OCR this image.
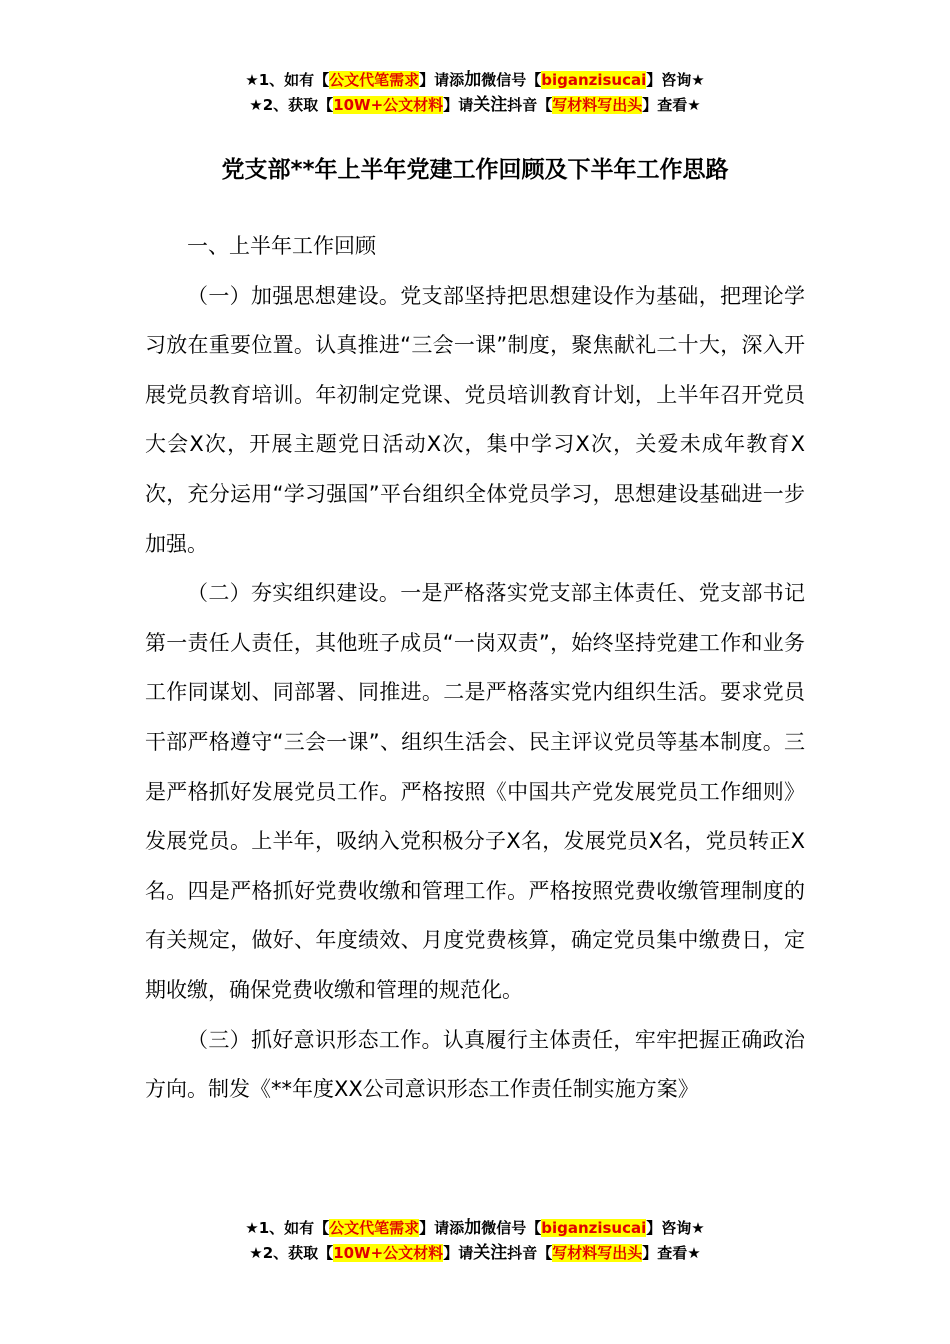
★1、如有【公文代笔需求】请添加微信号【biganzisucai】咨询★
★2、获取【10W+公文材料】请关注抖音【写材料写出头】查看★
党支部**年上半年党建工作回顾及下半年工作思路

一、上半年工作回顾

（一）加强思想建设。党支部坚持把思想建设作为基础，把理论学习放在重要位置。认真推进“三会一课”制度，聚焦献礼二十大，深入开展党员教育培训。年初制定党课、党员培训教育计划，上半年召开党员大会X次，开展主题党日活动X次，集中学习X次，关爱未成年教育X次，充分运用“学习强国”平台组织全体党员学习，思想建设基础进一步加强。

（二）夯实组织建设。一是严格落实党支部主体责任、党支部书记第一责任人责任，其他班子成员“一岗双责”，始终坚持党建工作和业务工作同谋划、同部署、同推进。二是严格落实党内组织生活。要求党员干部严格遵守“三会一课”、组织生活会、民主评议党员等基本制度。三是严格抓好发展党员工作。严格按照《中国共产党发展党员工作细则》发展党员。上半年，吸纳入党积极分子X名，发展党员X名，党员转正X名。四是严格抓好党费收缴和管理工作。严格按照党费收缴管理制度的有关规定，做好、年度绩效、月度党费核算，确定党员集中缴费日，定期收缴，确保党费收缴和管理的规范化。

（三）抓好意识形态工作。认真履行主体责任，牢牢把握正确政治方向。制发《**年度XX公司意识形态工作责任制实施方案》

★1、如有【公文代笔需求】请添加微信号【biganzisucai】咨询★
★2、获取【10W+公文材料】请关注抖音【写材料写出头】查看★
